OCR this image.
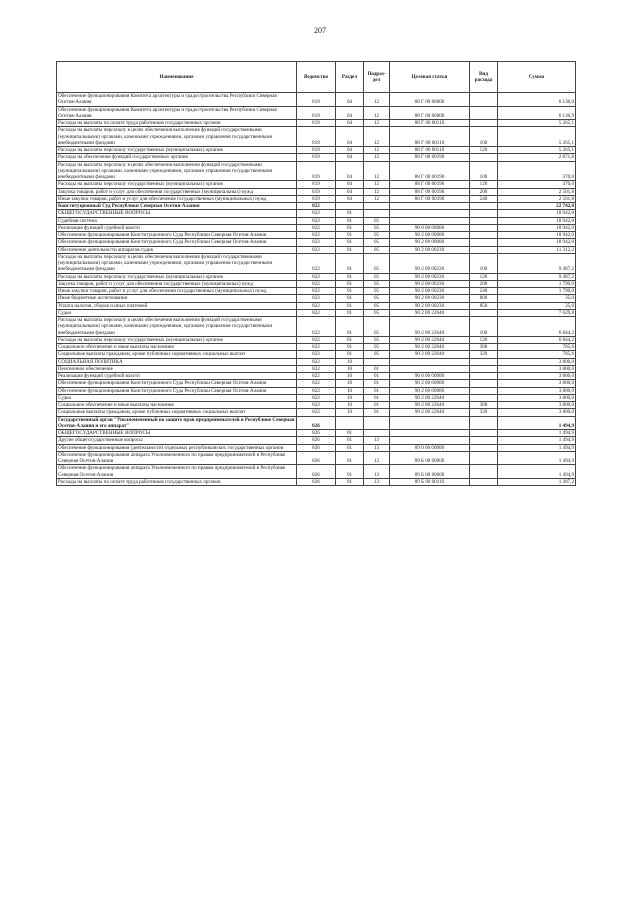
207
Наименование	Ведомство	Раздел	Подраз-дел	Целевая статья	Вид расхода	Сумма
Обеспечение функционирования Комитета архитектуры и градостроительства Республики Северная Осетия-Алания	819	04	12	88 Г 00 00000		6 136,9
Обеспечение функционирования Комитета архитектуры и градостроительства Республики Северная Осетия-Алания	819	04	12	88 Г 00 00000		6 136,9
Расходы на выплаты по оплате труда работников государственных органов	819	04	12	88 Г 00 00110		5 265,1
Расходы на выплаты персоналу в целях обеспечения выполнения функций государственными (муниципальными) органами, казенными учреждениями, органами управления государственными внебюджетными фондами	819	04	12	88 Г 00 00110	100	5 265,1
Расходы на выплаты персоналу государственных (муниципальных) органов	819	04	12	88 Г 00 00110	120	5 265,1
Расходы на обеспечение функций государственных органов	819	04	12	88 Г 00 00190		2 871,8
Расходы на выплаты персоналу в целях обеспечения выполнения функций государственными (муниципальными) органами, казенными учреждениями, органами управления государственными внебюджетными фондами	819	04	12	88 Г 00 00190	100	370,0
Расходы на выплаты персоналу государственных (муниципальных) органов	819	04	12	88 Г 00 00190	120	370,0
Закупка товаров, работ и услуг для обеспечения государственных (муниципальных) нужд	819	04	12	88 Г 00 00190	200	2 501,8
Иные закупки товаров, работ и услуг для обеспечения государственных (муниципальных) нужд	819	04	12	88 Г 00 00190	240	2 501,8
Конституционный Суд Республики Северная Осетия-Алания	822					22 742,0
ОБЩЕГОСУДАРСТВЕННЫЕ ВОПРОСЫ	822	01				18 942,0
Судебная система	822	01	05			18 942,0
Реализация функций судебной власти	822	01	05	90 0 00 00000		18 942,0
Обеспечение функционирования Конституционного Суда Республики Северная Осетия-Алания	822	01	05	90 2 00 00000		18 942,0
Обеспечение функционирования Конституционного Суда Республики Северная Осетия-Алания	822	01	05	90 2 00 00000		18 942,0
Обеспечение деятельности аппаратов судов	822	01	05	90 2 00 00230		11 312,2
Расходы на выплаты персоналу в целях обеспечения выполнения функций государственными (муниципальными) органами, казенными учреждениями, органами управления государственными внебюджетными фондами	822	01	05	90 2 00 00230	100	9 487,2
Расходы на выплаты персоналу государственных (муниципальных) органов	822	01	05	90 2 00 00230	120	9 487,2
Закупка товаров, работ и услуг для обеспечения государственных (муниципальных) нужд	822	01	05	90 2 00 00230	200	1 790,0
Иные закупки товаров, работ и услуг для обеспечения государственных (муниципальных) нужд	822	01	05	90 2 00 00230	240	1 790,0
Иные бюджетные ассигнования	822	01	05	90 2 00 00230	800	35,0
Уплата налогов, сборов и иных платежей	822	01	05	90 2 00 00230	850	35,0
Судьи	822	01	05	90 2 00 22640		7 629,8
Расходы на выплаты персоналу в целях обеспечения выполнения функций государственными (муниципальными) органами, казенными учреждениями, органами управления государственными внебюджетными фондами	822	01	05	90 2 00 22640	100	6 844,2
Расходы на выплаты персоналу государственных (муниципальных) органов	822	01	05	90 2 00 22640	120	6 844,2
Социальное обеспечение и иные выплаты населению	822	01	05	90 2 00 22640	300	785,6
Социальные выплаты гражданам, кроме публичных нормативных социальных выплат	822	01	05	90 2 00 22640	320	785,6
СОЦИАЛЬНАЯ ПОЛИТИКА	822	10				3 800,0
Пенсионное обеспечение	822	10	01			3 800,0
Реализация функций судебной власти	822	10	01	90 0 00 00000		3 800,0
Обеспечение функционирования Конституционного Суда Республики Северная Осетия-Алания	822	10	01	90 2 00 00000		3 800,0
Обеспечение функционирования Конституционного Суда Республики Северная Осетия-Алания	822	10	01	90 2 00 00000		3 800,0
Судьи	822	10	01	90 2 00 22640		3 800,0
Социальное обеспечение и иные выплаты населению	822	10	01	90 2 00 22640	300	3 800,0
Социальные выплаты гражданам, кроме публичных нормативных социальных выплат	822	10	01	90 2 00 22640	320	3 800,0
Государственный орган "Уполномоченный по защите прав предпринимателей в Республике Северная Осетия-Алания и его аппарат"	826					1 494,9
ОБЩЕГОСУДАРСТВЕННЫЕ ВОПРОСЫ	826	01				1 494,9
Другие общегосударственные вопросы	826	01	13			1 494,9
Обеспечение функционирования (деятельности) отдельных республиканских государственных органов	826	01	13	89 0 00 00000		1 494,9
Обеспечение функционирования аппарата Уполномоченного по правам предпринимателей в Республике Северная Осетия-Алания	826	01	13	89 Б 00 00000		1 494,9
Обеспечение функционирования аппарата Уполномоченного по правам предпринимателей в Республике Северная Осетия-Алания	826	01	13	89 Б 00 00000		1 494,9
Расходы на выплаты по оплате труда работников государственных органов	826	01	13	89 Б 00 00110		1 387,2
